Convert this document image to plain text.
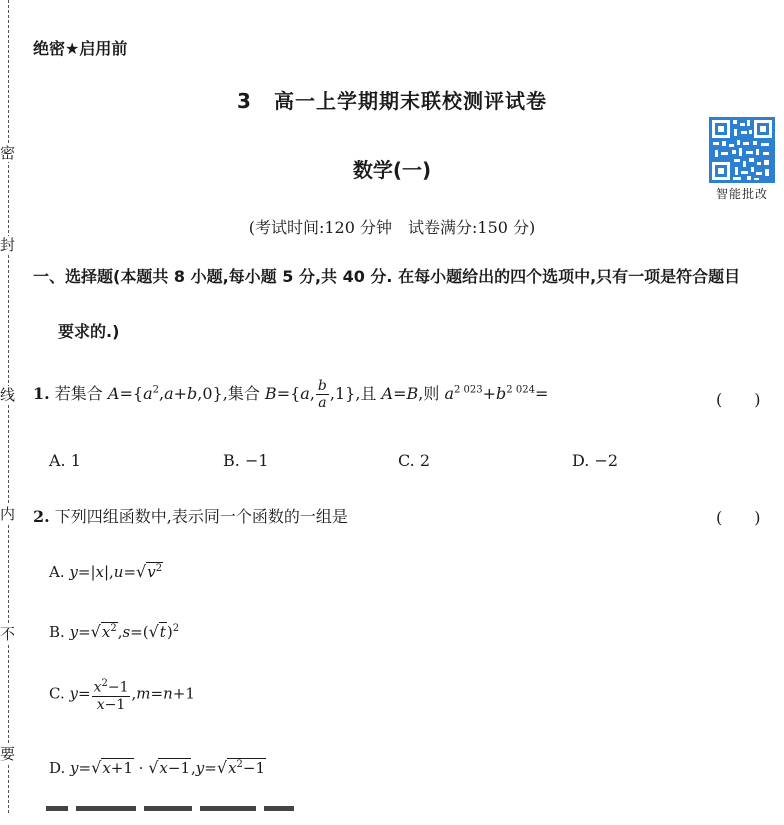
密
封
线
内
不
要
绝密★启用前
3 高一上学期期末联校测评试卷
数学(一)
智能批改
(考试时间:120 分钟　试卷满分:150 分)
一、选择题(本题共 8 小题,每小题 5 分,共 40 分. 在每小题给出的四个选项中,只有一项是符合题目
要求的.)
1. 若集合 $A=\{a^2,a+b,0\}$,集合 B={a, $\frac{b}{a} ,1$},且 A=B,则 $a^{2 023}+b^{2 024}=$	(　　)
A. 1	B. −1	C. 2	D. −2
2. 下列四组函数中,表示同一个函数的一组是	(　　)
A. $y=|x|,u=√v^2$
B. $y=√x^2,s=(√t)^2$
C. $y= \frac{x^2-1}{x-1} ,m=n+1$
D. $y=√x+1 \cdot √x-1,y=√x^2-1$
